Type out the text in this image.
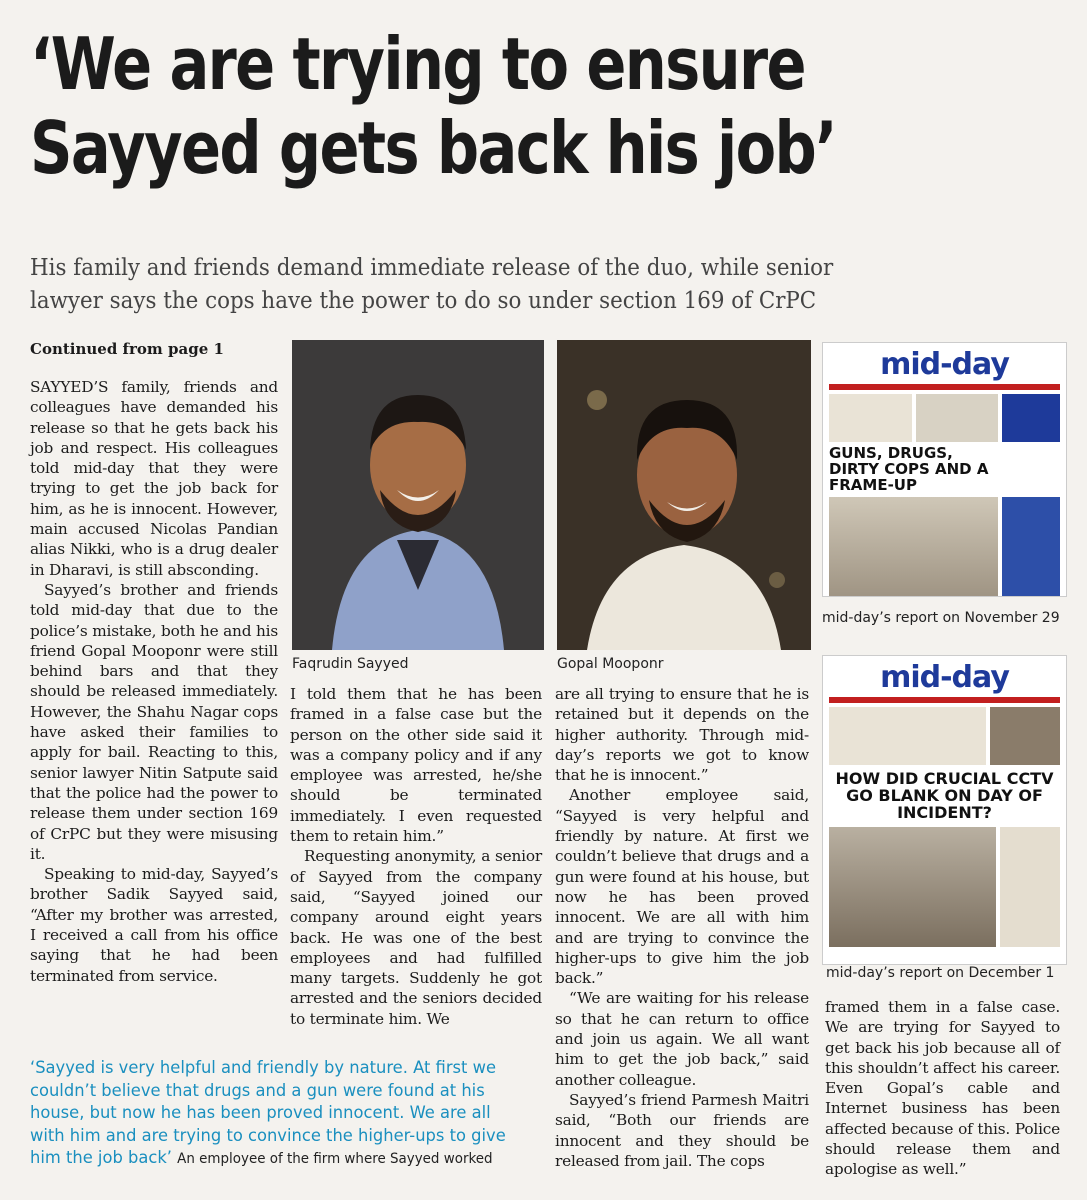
‘We are trying to ensure
Sayyed gets back his job’
His family and friends demand immediate release of the duo, while senior
lawyer says the cops have the power to do so under section 169 of CrPC
Continued from page 1

SAYYED’S family, friends and colleagues have demanded his release so that he gets back his job and respect. His colleagues told mid-day that they were trying to get the job back for him, as he is innocent. However, main accused Nicolas Pandian alias Nikki, who is a drug dealer in Dharavi, is still absconding.

Sayyed’s brother and friends told mid-day that due to the police’s mistake, both he and his friend Gopal Mooponr were still behind bars and that they should be released immediately. However, the Shahu Nagar cops have asked their families to apply for bail. Reacting to this, senior lawyer Nitin Satpute said that the police had the power to release them under section 169 of CrPC but they were misusing it.

Speaking to mid-day, Sayyed’s brother Sadik Sayyed said, “After my brother was arrested, I received a call from his office saying that he had been terminated from service.

Faqrudin Sayyed	Gopal Mooponr

I told them that he has been framed in a false case but the person on the other side said it was a company policy and if any employee was arrested, he/she should be terminated immediately. I even requested them to retain him.”

Requesting anonymity, a senior of Sayyed from the company said, “Sayyed joined our company around eight years back. He was one of the best employees and had fulfilled many targets. Suddenly he got arrested and the seniors decided to terminate him. We

are all trying to ensure that he is retained but it depends on the higher authority. Through mid-day’s reports we got to know that he is innocent.”

Another employee said, “Sayyed is very helpful and friendly by nature. At first we couldn’t believe that drugs and a gun were found at his house, but now he has been proved innocent. We are all with him and are trying to convince the higher-ups to give him the job back.”

“We are waiting for his release so that he can return to office and join us again. We all want him to get the job back,” said another colleague.

Sayyed’s friend Parmesh Maitri said, “Both our friends are innocent and they should be released from jail. The cops

framed them in a false case. We are trying for Sayyed to get back his job because all of this shouldn’t affect his career. Even Gopal’s cable and Internet business has been affected because of this. Police should release them and apologise as well.”

mid-day
GUNS, DRUGS, DIRTY COPS AND A FRAME-UP
mid-day’s report on November 29
mid-day
HOW DID CRUCIAL CCTV GO BLANK ON DAY OF INCIDENT?
mid-day’s report on December 1
‘Sayyed is very helpful and friendly by nature. At first we couldn’t believe that drugs and a gun were found at his house, but now he has been proved innocent. We are all with him and are trying to convince the higher-ups to give him the job back’ An employee of the firm where Sayyed worked
